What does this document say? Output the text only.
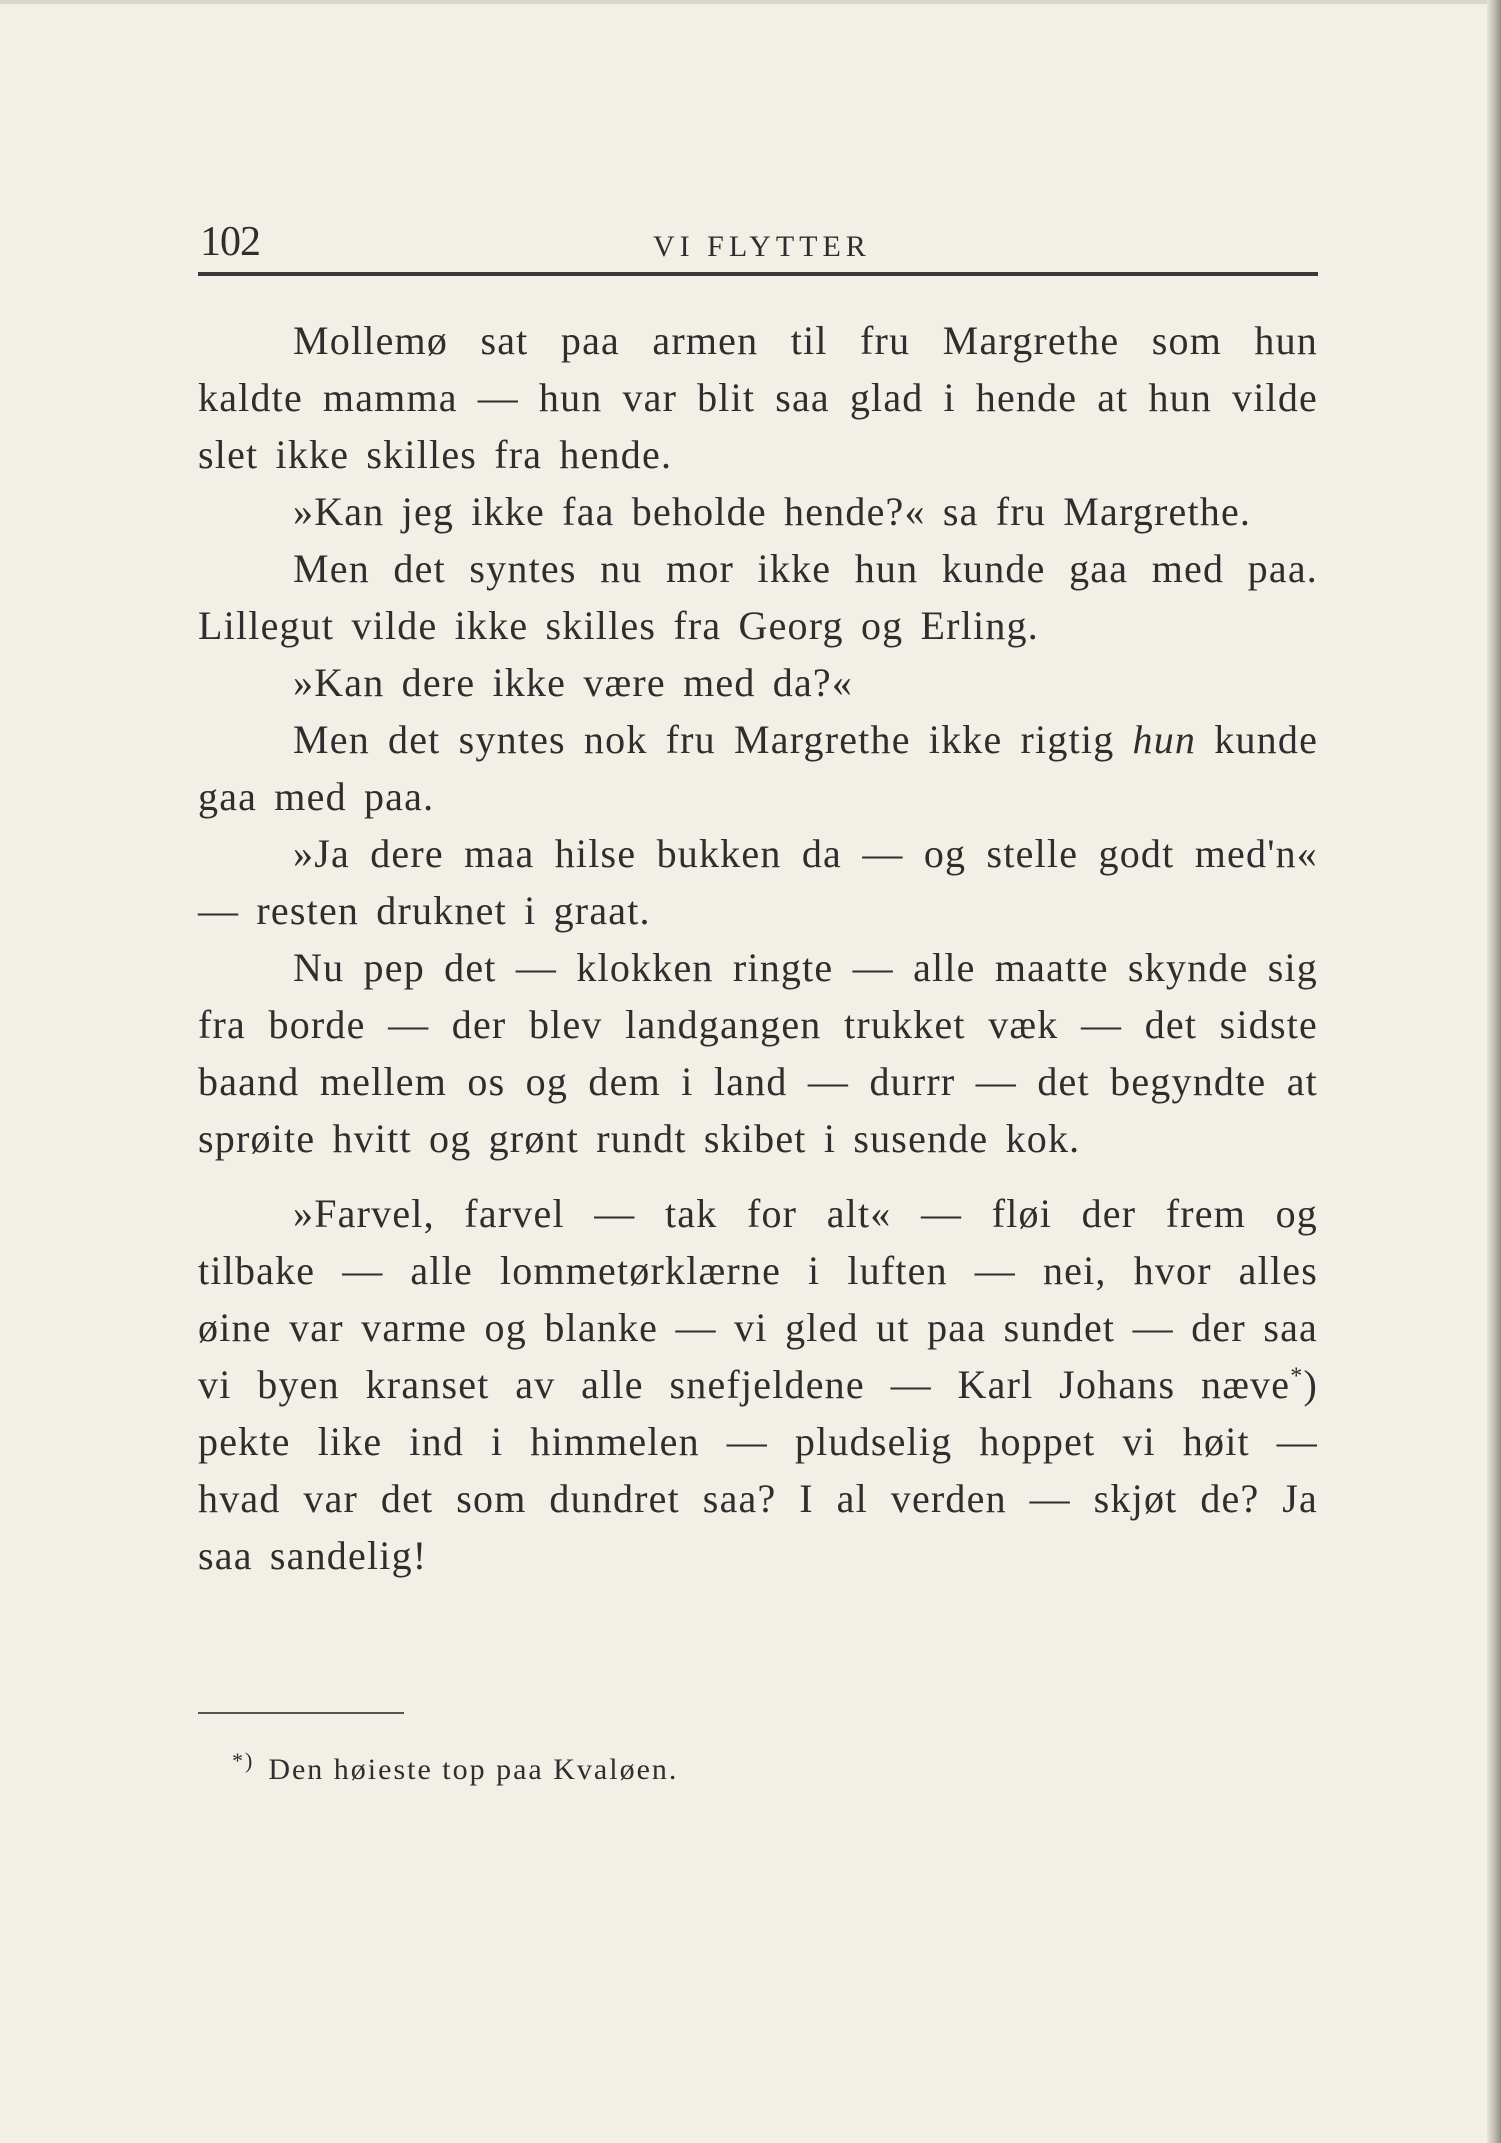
102	VI FLYTTER

Mollemø sat paa armen til fru Margrethe som hun kaldte mamma — hun var blit saa glad i hende at hun vilde slet ikke skilles fra hende.

»Kan jeg ikke faa beholde hende?« sa fru Margrethe.

Men det syntes nu mor ikke hun kunde gaa med paa. Lillegut vilde ikke skilles fra Georg og Erling.

»Kan dere ikke være med da?«

Men det syntes nok fru Margrethe ikke rigtig hun kunde gaa med paa.

»Ja dere maa hilse bukken da — og stelle godt med'n« — resten druknet i graat.

Nu pep det — klokken ringte — alle maatte skynde sig fra borde — der blev landgangen trukket væk — det sidste baand mellem os og dem i land — durrr — det begyndte at sprøite hvitt og grønt rundt skibet i susende kok.

»Farvel, farvel — tak for alt« — fløi der frem og tilbake — alle lommetørklærne i luften — nei, hvor alles øine var varme og blanke — vi gled ut paa sundet — der saa vi byen kranset av alle snefjeldene — Karl Johans næve*) pekte like ind i himmelen — pludselig hoppet vi høit — hvad var det som dundret saa? I al verden — skjøt de? Ja saa sandelig!

*) Den høieste top paa Kvaløen.
